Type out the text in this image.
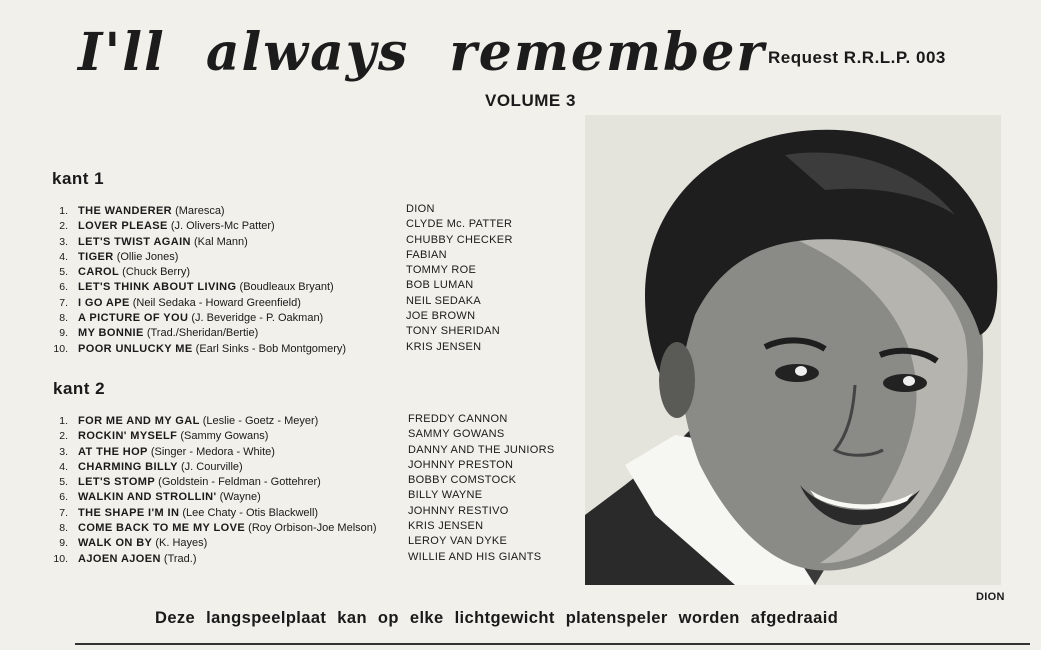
I'll always remember Request R.R.L.P. 003
VOLUME 3
kant 1
1. THE WANDERER (Maresca)
2. LOVER PLEASE (J. Olivers-Mc Patter)
3. LET'S TWIST AGAIN (Kal Mann)
4. TIGER (Ollie Jones)
5. CAROL (Chuck Berry)
6. LET'S THINK ABOUT LIVING (Boudleaux Bryant)
7. I GO APE (Neil Sedaka - Howard Greenfield)
8. A PICTURE OF YOU (J. Beveridge - P. Oakman)
9. MY BONNIE (Trad./Sheridan/Bertie)
10. POOR UNLUCKY ME (Earl Sinks - Bob Montgomery)
DION
CLYDE Mc. PATTER
CHUBBY CHECKER
FABIAN
TOMMY ROE
BOB LUMAN
NEIL SEDAKA
JOE BROWN
TONY SHERIDAN
KRIS JENSEN
kant 2
1. FOR ME AND MY GAL (Leslie - Goetz - Meyer)
2. ROCKIN' MYSELF (Sammy Gowans)
3. AT THE HOP (Singer - Medora - White)
4. CHARMING BILLY (J. Courville)
5. LET'S STOMP (Goldstein - Feldman - Gottehrer)
6. WALKIN AND STROLLIN' (Wayne)
7. THE SHAPE I'M IN (Lee Chaty - Otis Blackwell)
8. COME BACK TO ME MY LOVE (Roy Orbison-Joe Melson)
9. WALK ON BY (K. Hayes)
10. AJOEN AJOEN (Trad.)
FREDDY CANNON
SAMMY GOWANS
DANNY AND THE JUNIORS
JOHNNY PRESTON
BOBBY COMSTOCK
BILLY WAYNE
JOHNNY RESTIVO
KRIS JENSEN
LEROY VAN DYKE
WILLIE AND HIS GIANTS
DION
Deze langspeelplaat kan op elke lichtgewicht platenspeler worden afgedraaid
